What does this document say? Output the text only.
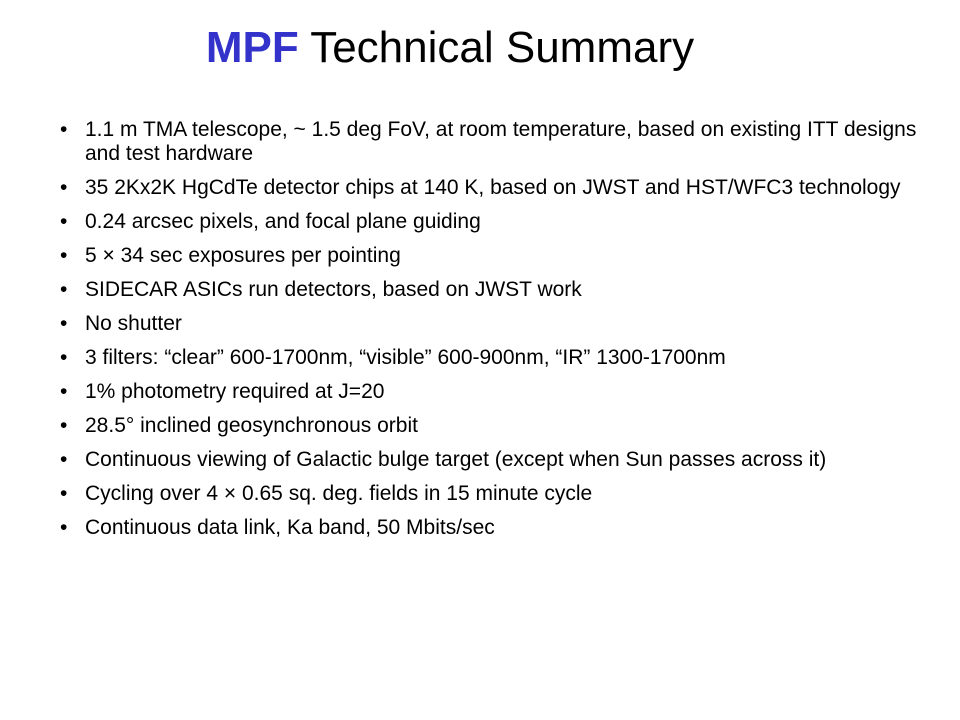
MPF Technical Summary
• 1.1 m TMA telescope, ~ 1.5 deg FoV, at room temperature, based on existing ITT designs and test hardware
• 35 2Kx2K HgCdTe detector chips at 140 K, based on JWST and HST/WFC3 technology
• 0.24 arcsec pixels, and focal plane guiding
• 5 × 34 sec exposures per pointing
• SIDECAR ASICs run detectors, based on JWST work
• No shutter
• 3 filters: “clear” 600-1700nm, “visible” 600-900nm, “IR” 1300-1700nm
• 1% photometry required at J=20
• 28.5° inclined geosynchronous orbit
• Continuous viewing of Galactic bulge target (except when Sun passes across it)
• Cycling over 4 × 0.65 sq. deg. fields in 15 minute cycle
• Continuous data link, Ka band, 50 Mbits/sec
